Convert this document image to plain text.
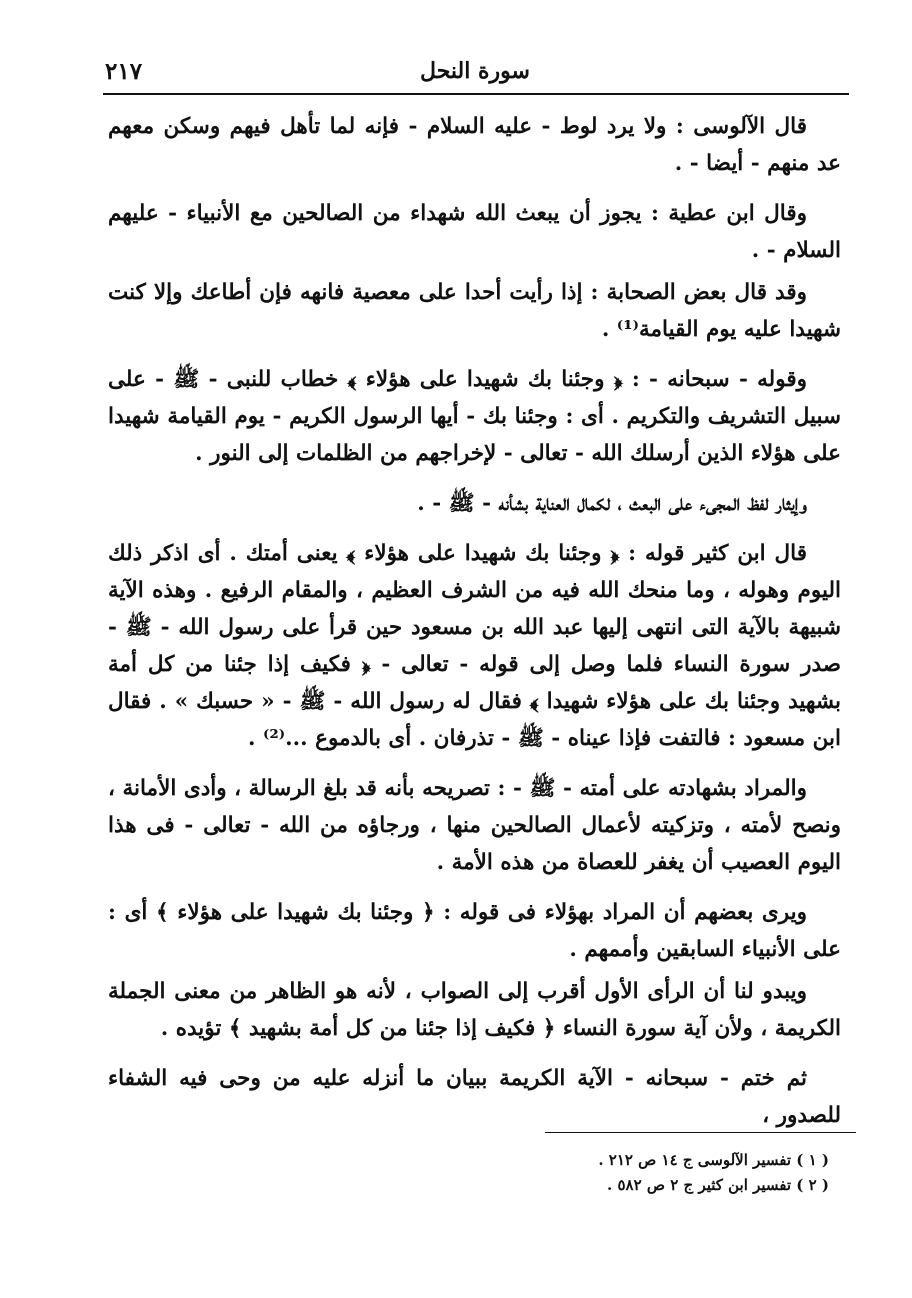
٢١٧	سورة النحل

قال الآلوسى : ولا يرد لوط - عليه السلام - فإنه لما تأهل فيهم وسكن معهم عد منهم - أيضا - .

وقال ابن عطية : يجوز أن يبعث الله شهداء من الصالحين مع الأنبياء - عليهم السلام - .

وقد قال بعض الصحابة : إذا رأيت أحدا على معصية فانهه فإن أطاعك وإلا كنت شهيدا عليه يوم القيامة⁽¹⁾ .

وقوله - سبحانه - : ﴿ وجئنا بك شهيدا على هؤلاء ﴾ خطاب للنبى - ﷺ - على سبيل التشريف والتكريم . أى : وجئنا بك - أيها الرسول الكريم - يوم القيامة شهيدا على هؤلاء الذين أرسلك الله - تعالى - لإخراجهم من الظلمات إلى النور .

وإيثار لفظ المجىء على البعث ، لكمال العناية بشأنه - ﷺ - .

قال ابن كثير قوله : ﴿ وجئنا بك شهيدا على هؤلاء ﴾ يعنى أمتك . أى اذكر ذلك اليوم وهوله ، وما منحك الله فيه من الشرف العظيم ، والمقام الرفيع . وهذه الآية شبيهة بالآية التى انتهى إليها عبد الله بن مسعود حين قرأ على رسول الله - ﷺ - صدر سورة النساء فلما وصل إلى قوله - تعالى - ﴿ فكيف إذا جئنا من كل أمة بشهيد وجئنا بك على هؤلاء شهيدا ﴾ فقال له رسول الله - ﷺ - « حسبك » . فقال ابن مسعود : فالتفت فإذا عيناه - ﷺ - تذرفان . أى بالدموع ...⁽²⁾ .

والمراد بشهادته على أمته - ﷺ - : تصريحه بأنه قد بلغ الرسالة ، وأدى الأمانة ، ونصح لأمته ، وتزكيته لأعمال الصالحين منها ، ورجاؤه من الله - تعالى - فى هذا اليوم العصيب أن يغفر للعصاة من هذه الأمة .

ويرى بعضهم أن المراد بهؤلاء فى قوله : ﴿ وجئنا بك شهيدا على هؤلاء ﴾ أى : على الأنبياء السابقين وأممهم .

ويبدو لنا أن الرأى الأول أقرب إلى الصواب ، لأنه هو الظاهر من معنى الجملة الكريمة ، ولأن آية سورة النساء ﴿ فكيف إذا جئنا من كل أمة بشهيد ﴾ تؤيده .

ثم ختم - سبحانه - الآية الكريمة ببيان ما أنزله عليه من وحى فيه الشفاء للصدور ،

( ١ ) تفسير الآلوسى ج ١٤ ص ٢١٢ .
( ٢ ) تفسير ابن كثير ج ٢ ص ٥٨٢ .
